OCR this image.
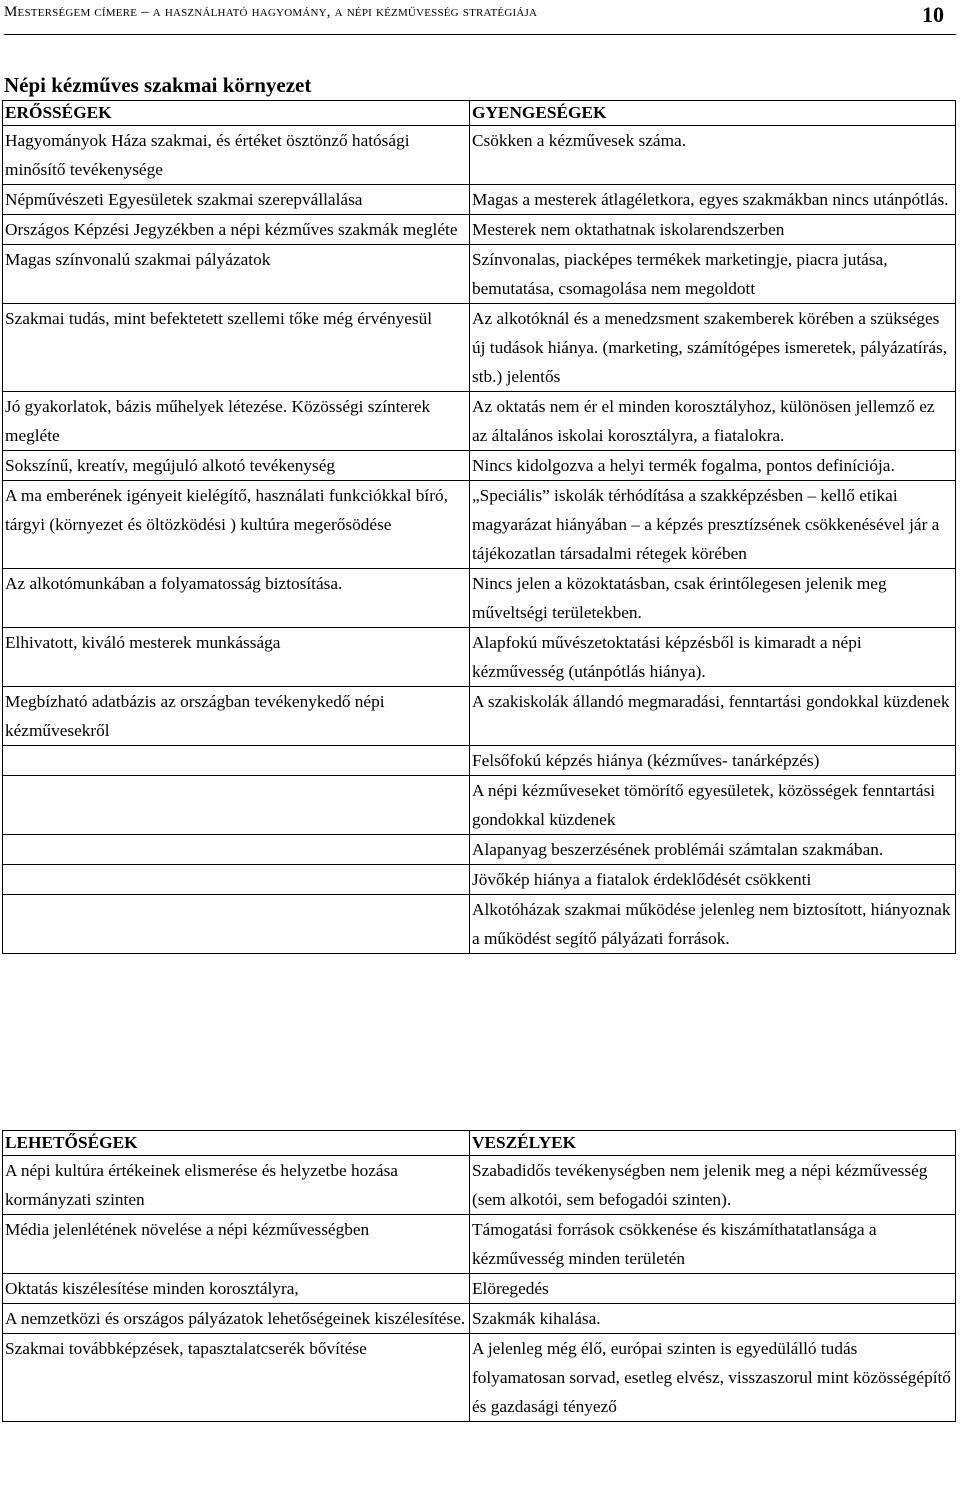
Mesterségem címere – a használható hagyomány, a népi kézművesség stratégiája	10
Népi kézműves szakmai környezet
ERŐSSÉGEK	GYENGESÉGEK
Hagyományok Háza szakmai, és értéket ösztönző hatósági minősítő tevékenysége	Csökken a kézművesek száma.
Népművészeti Egyesületek szakmai szerepvállalása	Magas a mesterek átlagéletkora, egyes szakmákban nincs utánpótlás.
Országos Képzési Jegyzékben a népi kézműves szakmák megléte	Mesterek nem oktathatnak iskolarendszerben
Magas színvonalú szakmai pályázatok	Színvonalas, piacképes termékek marketingje, piacra jutása, bemutatása, csomagolása nem megoldott
Szakmai tudás, mint befektetett szellemi tőke még érvényesül	Az alkotóknál és a menedzsment szakemberek körében a szükséges új tudások hiánya. (marketing, számítógépes ismeretek, pályázatírás, stb.) jelentős
Jó gyakorlatok, bázis műhelyek létezése. Közösségi színterek megléte	Az oktatás nem ér el minden korosztályhoz, különösen jellemző ez az általános iskolai korosztályra, a fiatalokra.
Sokszínű, kreatív, megújuló alkotó tevékenység	Nincs kidolgozva a helyi termék fogalma, pontos definíciója.
A ma emberének igényeit kielégítő, használati funkciókkal bíró, tárgyi (környezet és öltözködési ) kultúra megerősödése	„Speciális” iskolák térhódítása a szakképzésben – kellő etikai magyarázat hiányában – a képzés presztízsének csökkenésével jár a tájékozatlan társadalmi rétegek körében
Az alkotómunkában a folyamatosság biztosítása.	Nincs jelen a közoktatásban, csak érintőlegesen jelenik meg műveltségi területekben.
Elhivatott, kiváló mesterek munkássága	Alapfokú művészetoktatási képzésből is kimaradt a népi kézművesség (utánpótlás hiánya).
Megbízható adatbázis az országban tevékenykedő népi kézművesekről	A szakiskolák állandó megmaradási, fenntartási gondokkal küzdenek
	Felsőfokú képzés hiánya (kézműves- tanárképzés)
	A népi kézműveseket tömörítő egyesületek, közösségek fenntartási gondokkal küzdenek
	Alapanyag beszerzésének problémái számtalan szakmában.
	Jövőkép hiánya a fiatalok érdeklődését csökkenti
	Alkotóházak szakmai működése jelenleg nem biztosított, hiányoznak a működést segítő pályázati források.
LEHETŐSÉGEK	VESZÉLYEK
A népi kultúra értékeinek elismerése és helyzetbe hozása kormányzati szinten	Szabadidős tevékenységben nem jelenik meg a népi kézművesség (sem alkotói, sem befogadói szinten).
Média jelenlétének növelése a népi kézművességben	Támogatási források csökkenése és kiszámíthatatlansága a kézművesség minden területén
Oktatás kiszélesítése minden korosztályra,	Elöregedés
A nemzetközi és országos pályázatok lehetőségeinek kiszélesítése.	Szakmák kihalása.
Szakmai továbbképzések, tapasztalatcserék bővítése	A jelenleg még élő, európai szinten is egyedülálló tudás folyamatosan sorvad, esetleg elvész, visszaszorul mint közösségépítő és gazdasági tényező
